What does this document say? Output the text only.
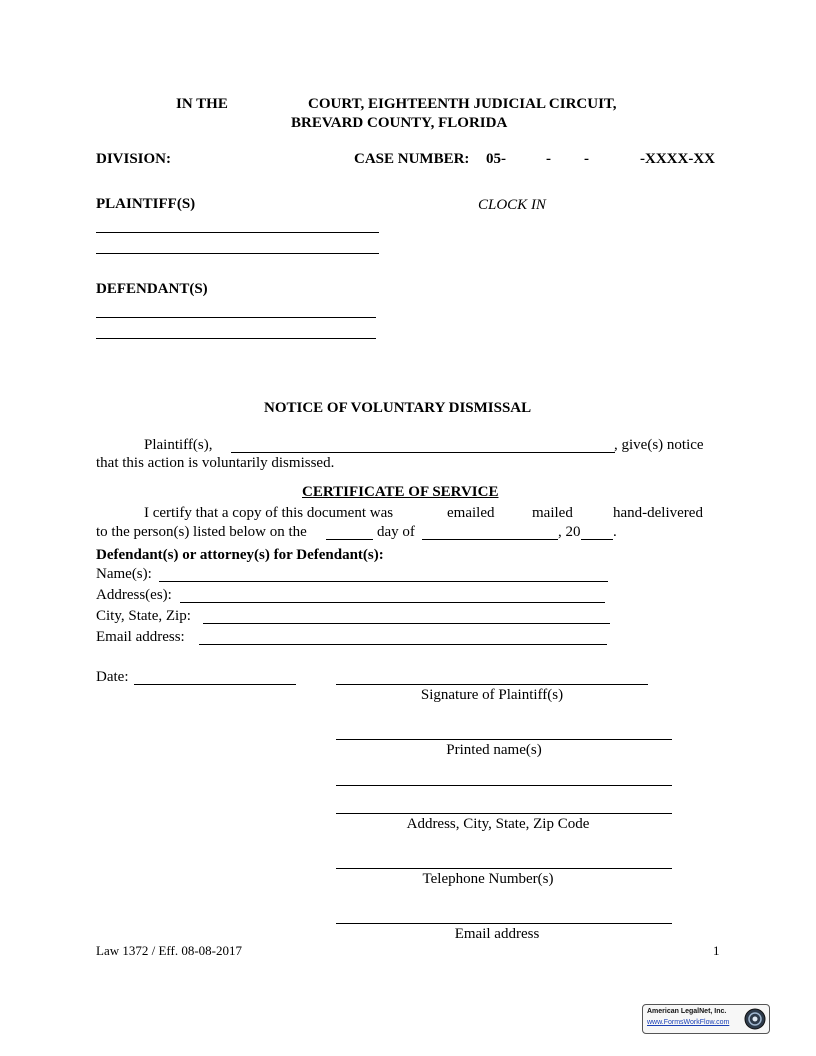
IN THE	COURT, EIGHTEENTH JUDICIAL CIRCUIT,
BREVARD COUNTY, FLORIDA
DIVISION:	CASE NUMBER: 05-	- -	-XXXX-XX
CLOCK IN
PLAINTIFF(S)
DEFENDANT(S)
NOTICE OF VOLUNTARY DISMISSAL
Plaintiff(s),	, give(s) notice
that this action is voluntarily dismissed.
CERTIFICATE OF SERVICE
I certify that a copy of this document was	emailed	mailed	hand-delivered
to the person(s) listed below on the	day of	, 20 .
Defendant(s) or attorney(s) for Defendant(s):
Name(s):
Address(es):
City, State, Zip:
Email address:
Date:
Signature of Plaintiff(s)
Printed name(s)
Address, City, State, Zip Code
Telephone Number(s)
Email address
Law 1372 / Eff. 08-08-2017	1
American LegalNet, Inc.
www.FormsWorkFlow.com
